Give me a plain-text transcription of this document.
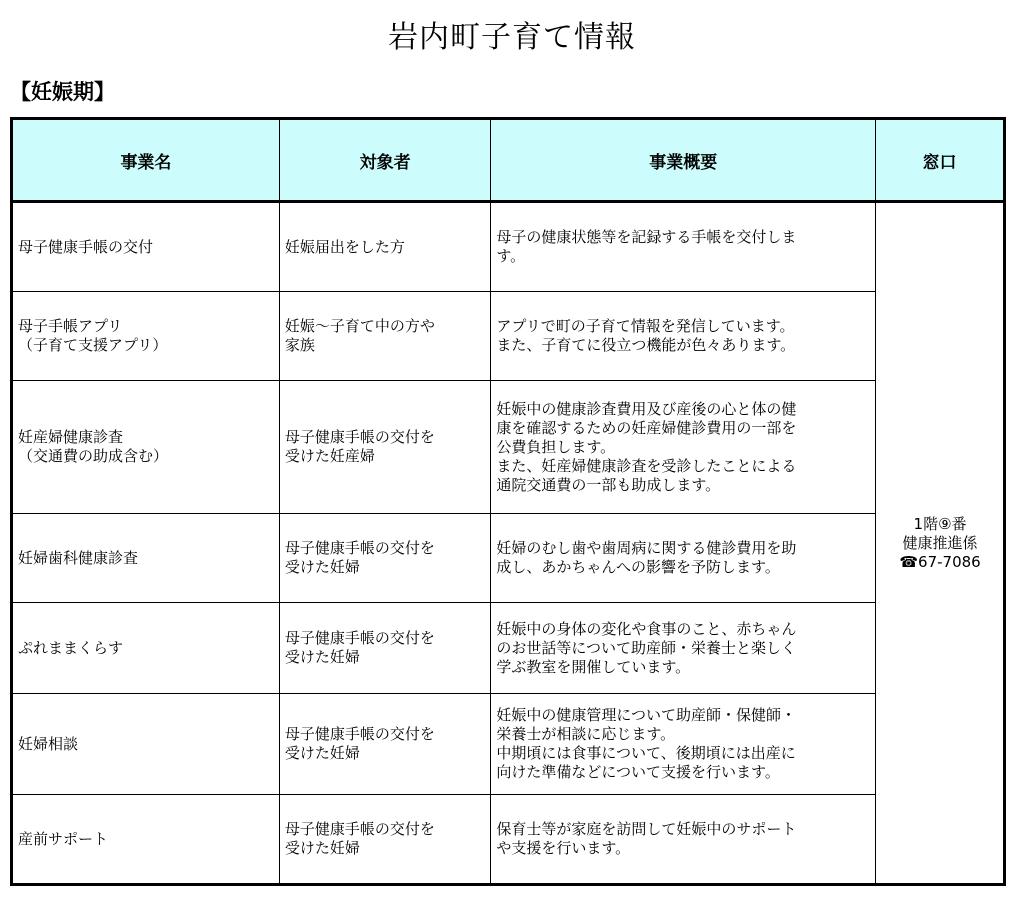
岩内町子育て情報
【妊娠期】
事業名	対象者	事業概要	窓口

母子健康手帳の交付	妊娠届出をした方	母子の健康状態等を記録する手帳を交付しま
す。	1階⑨番
健康推進係
☎67-7086

母子手帳アプリ
（子育て支援アプリ）	妊娠～子育て中の方や
家族	アプリで町の子育て情報を発信しています。
また、子育てに役立つ機能が色々あります。	

妊産婦健康診査
（交通費の助成含む）	母子健康手帳の交付を
受けた妊産婦	妊娠中の健康診査費用及び産後の心と体の健
康を確認するための妊産婦健診費用の一部を
公費負担します。
また、妊産婦健康診査を受診したことによる
通院交通費の一部も助成します。	

妊婦歯科健康診査	母子健康手帳の交付を
受けた妊婦	妊婦のむし歯や歯周病に関する健診費用を助
成し、あかちゃんへの影響を予防します。	

ぷれままくらす	母子健康手帳の交付を
受けた妊婦	妊娠中の身体の変化や食事のこと、赤ちゃん
のお世話等について助産師・栄養士と楽しく
学ぶ教室を開催しています。	

妊婦相談	母子健康手帳の交付を
受けた妊婦	妊娠中の健康管理について助産師・保健師・
栄養士が相談に応じます。
中期頃には食事について、後期頃には出産に
向けた準備などについて支援を行います。	

産前サポート	母子健康手帳の交付を
受けた妊婦	保育士等が家庭を訪問して妊娠中のサポート
や支援を行います。	
